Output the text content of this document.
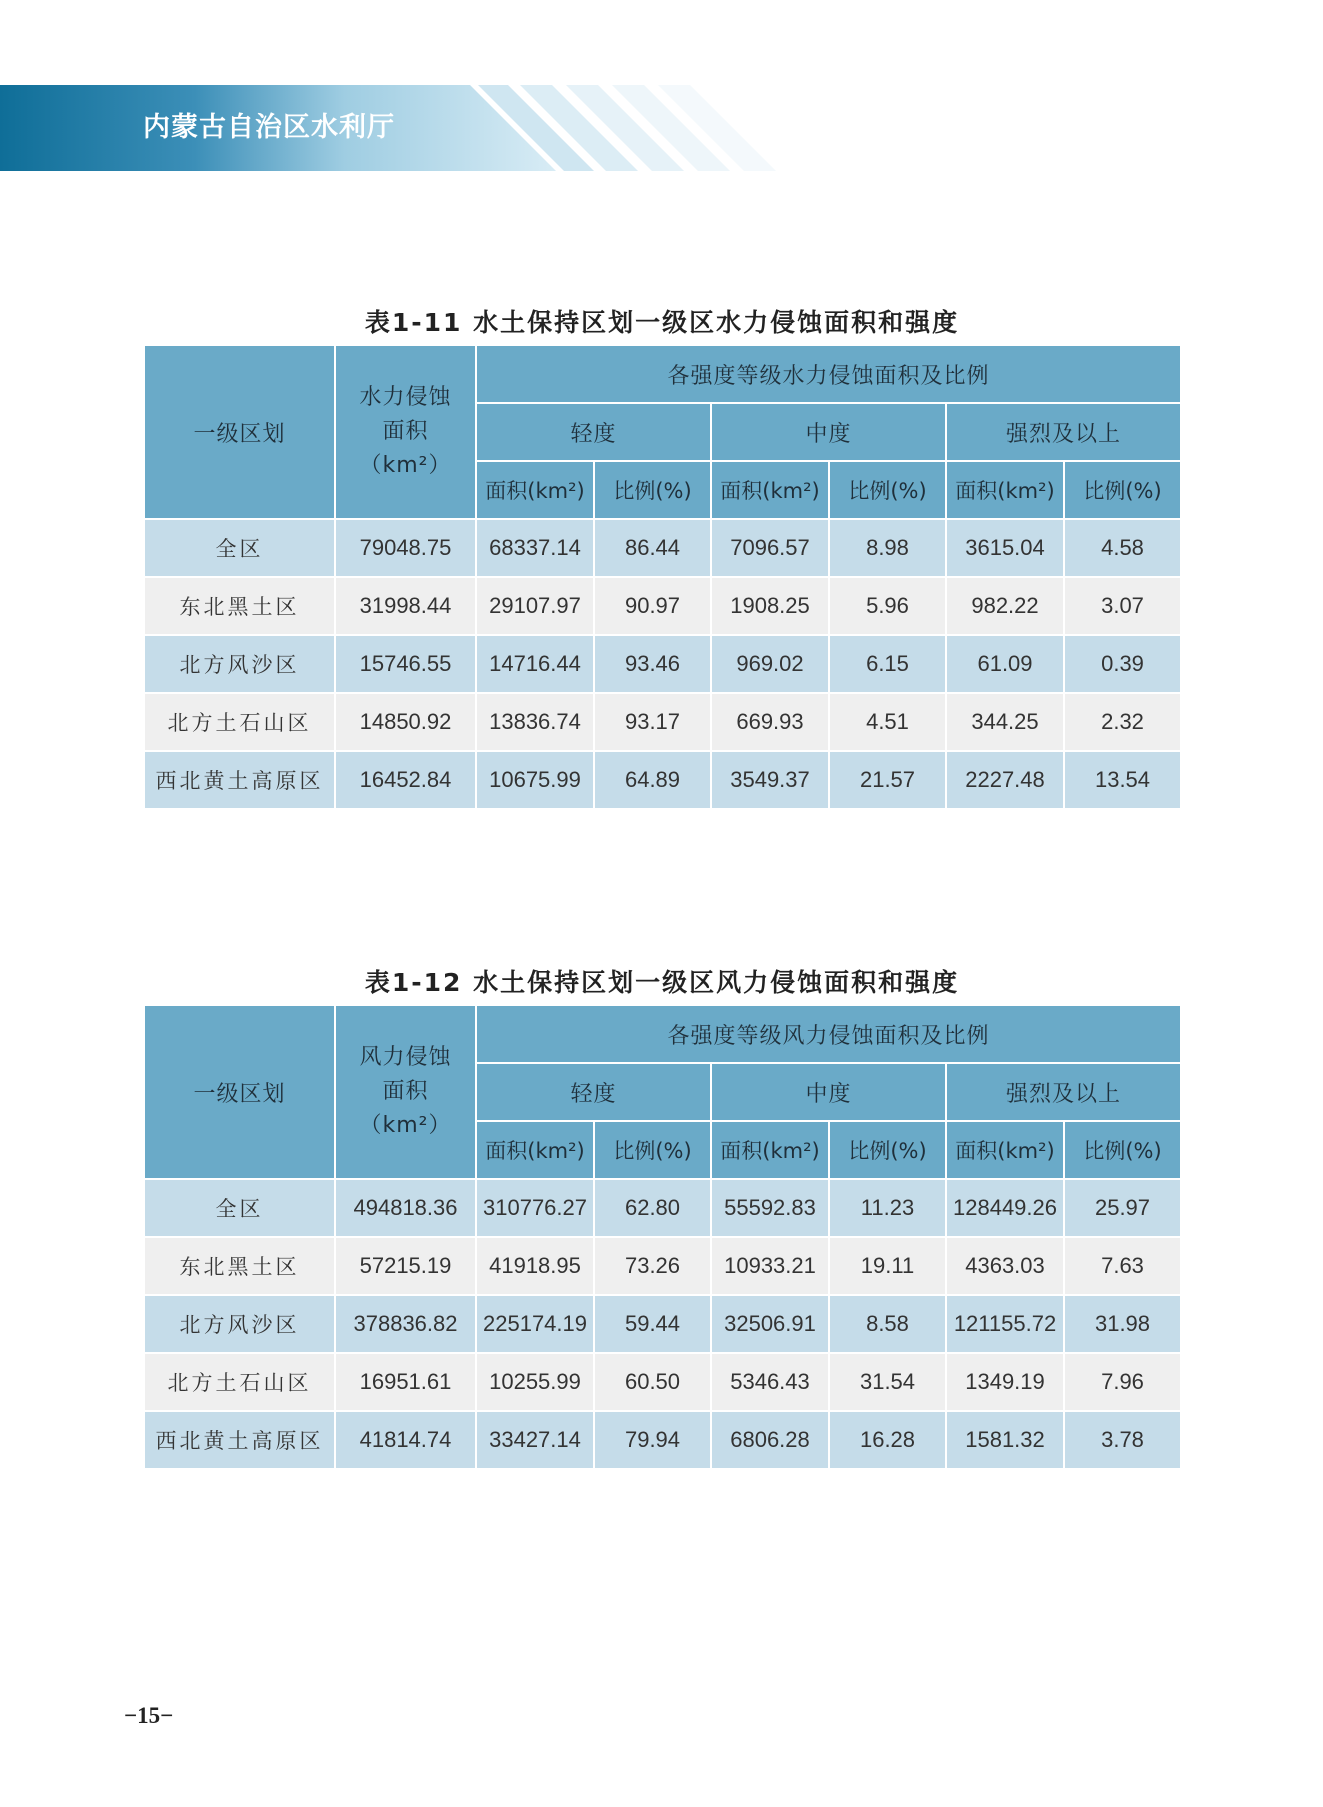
内蒙古自治区水利厅
表1-11 水土保持区划一级区水力侵蚀面积和强度
一级区划	水力侵蚀
面积
（km²）	各强度等级水力侵蚀面积及比例					
		轻度		中度		强烈及以上	
		面积(km²)	比例(%)	面积(km²)	比例(%)	面积(km²)	比例(%)
全区	79048.75	68337.14	86.44	7096.57	8.98	3615.04	4.58
东北黑土区	31998.44	29107.97	90.97	1908.25	5.96	982.22	3.07
北方风沙区	15746.55	14716.44	93.46	969.02	6.15	61.09	0.39
北方土石山区	14850.92	13836.74	93.17	669.93	4.51	344.25	2.32
西北黄土高原区	16452.84	10675.99	64.89	3549.37	21.57	2227.48	13.54
表1-12 水土保持区划一级区风力侵蚀面积和强度
一级区划	风力侵蚀
面积
（km²）	各强度等级风力侵蚀面积及比例					
		轻度		中度		强烈及以上	
		面积(km²)	比例(%)	面积(km²)	比例(%)	面积(km²)	比例(%)
全区	494818.36	310776.27	62.80	55592.83	11.23	128449.26	25.97
东北黑土区	57215.19	41918.95	73.26	10933.21	19.11	4363.03	7.63
北方风沙区	378836.82	225174.19	59.44	32506.91	8.58	121155.72	31.98
北方土石山区	16951.61	10255.99	60.50	5346.43	31.54	1349.19	7.96
西北黄土高原区	41814.74	33427.14	79.94	6806.28	16.28	1581.32	3.78
−15−
